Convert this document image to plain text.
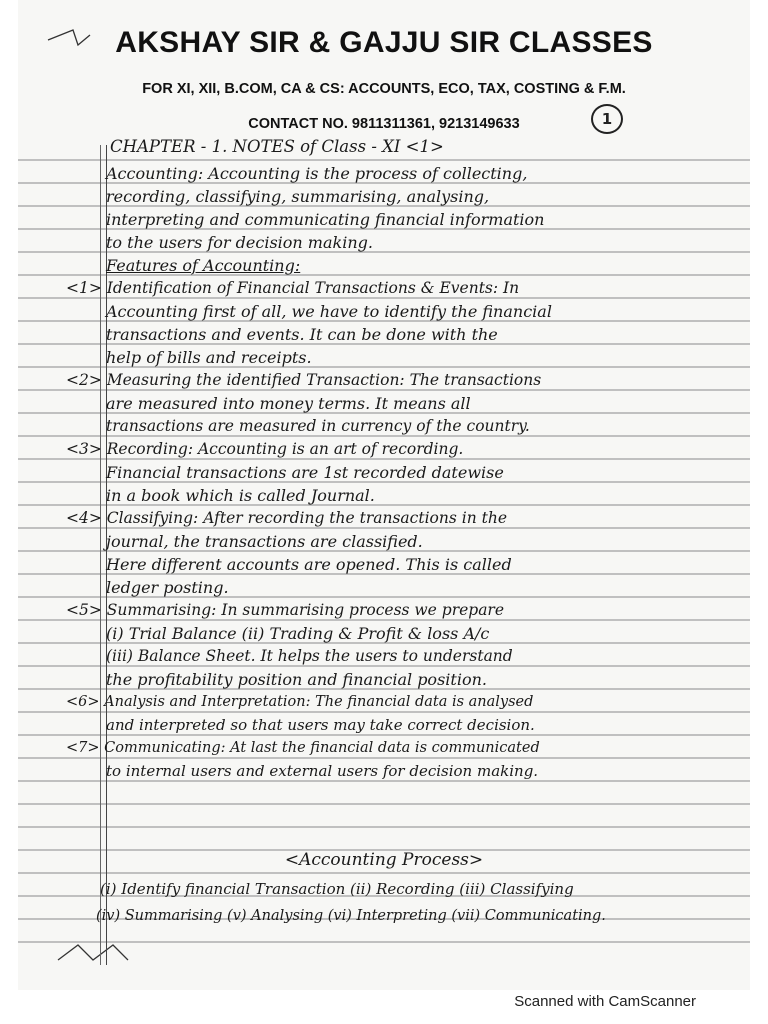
AKSHAY SIR & GAJJU SIR CLASSES
FOR XI, XII, B.COM, CA & CS: ACCOUNTS, ECO, TAX, COSTING & F.M.
CONTACT NO. 9811311361, 9213149633	1
CHAPTER - 1. NOTES of Class - XI <1>
Accounting: Accounting is the process of collecting,
recording, classifying, summarising, analysing,
interpreting and communicating financial information
to the users for decision making.
Features of Accounting:
<1> Identification of Financial Transactions & Events: In
Accounting first of all, we have to identify the financial
transactions and events. It can be done with the
help of bills and receipts.
<2> Measuring the identified Transaction: The transactions
are measured into money terms. It means all
transactions are measured in currency of the country.
<3> Recording: Accounting is an art of recording.
Financial transactions are 1st recorded datewise
in a book which is called Journal.
<4> Classifying: After recording the transactions in the
journal, the transactions are classified.
Here different accounts are opened. This is called
ledger posting.
<5> Summarising: In summarising process we prepare
(i) Trial Balance (ii) Trading & Profit & loss A/c
(iii) Balance Sheet. It helps the users to understand
the profitability position and financial position.
<6> Analysis and Interpretation: The financial data is analysed
and interpreted so that users may take correct decision.
<7> Communicating: At last the financial data is communicated
to internal users and external users for decision making.
<Accounting Process>
(i) Identify financial Transaction (ii) Recording (iii) Classifying
(iv) Summarising (v) Analysing (vi) Interpreting (vii) Communicating.
Scanned with CamScanner
